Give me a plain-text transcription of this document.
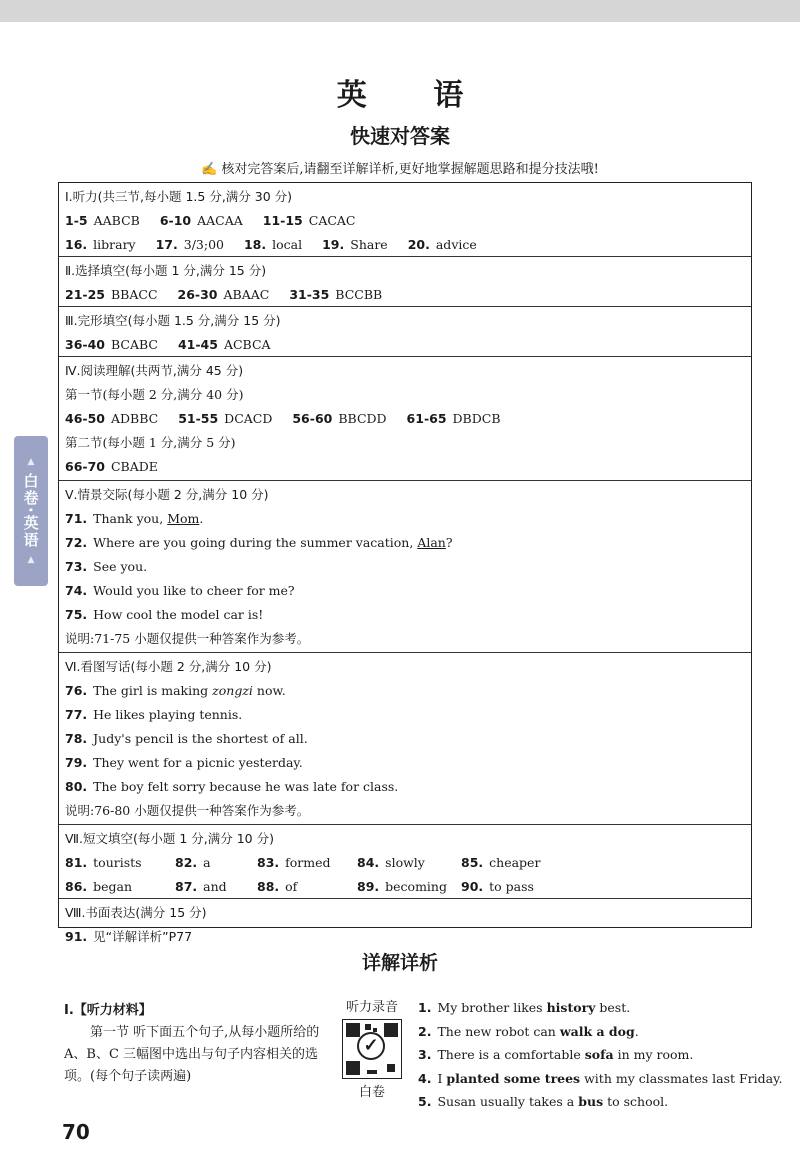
英 语
快速对答案
✍ 核对完答案后,请翻至详解详析,更好地掌握解题思路和提分技法哦!
▲
白卷·英语
▲
Ⅰ.听力(共三节,每小题 1.5 分,满分 30 分)
1-5 AABCB 6-10 AACAA 11-15 CACAC
16. library 17. 3/3;00 18. local 19. Share 20. advice
Ⅱ.选择填空(每小题 1 分,满分 15 分)
21-25 BBACC 26-30 ABAAC 31-35 BCCBB
Ⅲ.完形填空(每小题 1.5 分,满分 15 分)
36-40 BCABC 41-45 ACBCA
Ⅳ.阅读理解(共两节,满分 45 分)
第一节(每小题 2 分,满分 40 分)
46-50 ADBBC 51-55 DCACD 56-60 BBCDD 61-65 DBDCB
第二节(每小题 1 分,满分 5 分)
66-70 CBADE
Ⅴ.情景交际(每小题 2 分,满分 10 分)
71. Thank you, Mom.
72. Where are you going during the summer vacation, Alan?
73. See you.
74. Would you like to cheer for me?
75. How cool the model car is!
说明:71-75 小题仅提供一种答案作为参考。
Ⅵ.看图写话(每小题 2 分,满分 10 分)
76. The girl is making zongzi now.
77. He likes playing tennis.
78. Judy's pencil is the shortest of all.
79. They went for a picnic yesterday.
80. The boy felt sorry because he was late for class.
说明:76-80 小题仅提供一种答案作为参考。
Ⅶ.短文填空(每小题 1 分,满分 10 分)
81. tourists	82. a	83. formed 84. slowly	85. cheaper
86. began	87. and 88. of	89. becoming 90. to pass
Ⅷ.书面表达(满分 15 分)
91. 见“详解详析”P77
详解详析
Ⅰ.【听力材料】
第一节 听下面五个句子,从每小题所给的 A、B、C 三幅图中选出与句子内容相关的选项。(每个句子读两遍)
听力录音
✓
白卷
1. My brother likes history best.
2. The new robot can walk a dog.
3. There is a comfortable sofa in my room.
4. I planted some trees with my classmates last Friday.
5. Susan usually takes a bus to school.
70
